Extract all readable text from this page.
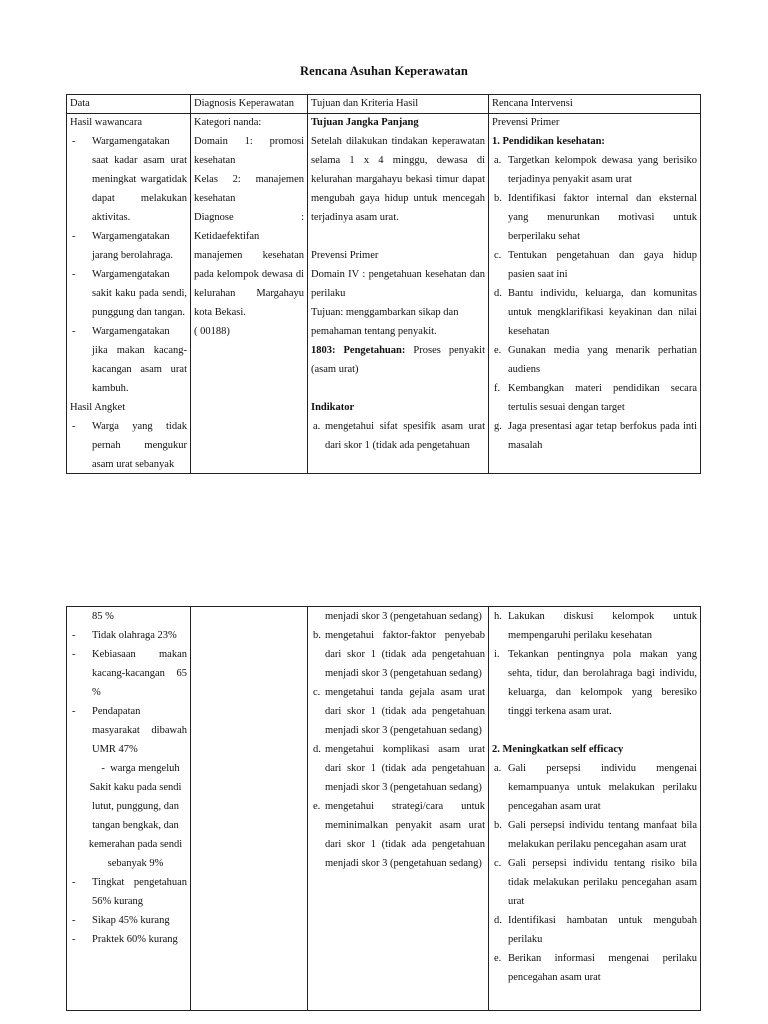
Rencana Asuhan Keperawatan
Data
Hasil wawancara
- Wargamengatakan saat kadar asam urat meningkat wargatidak dapat melakukan aktivitas.
- Wargamengatakan jarang berolahraga.
- Wargamengatakan sakit kaku pada sendi, punggung dan tangan.
- Wargamengatakan jika makan kacang-kacangan asam urat kambuh.
Hasil Angket
- Warga yang tidak pernah mengukur asam urat sebanyak
Diagnosis Keperawatan
Kategori nanda:
Domain 1: promosi kesehatan
Kelas 2: manajemen kesehatan
Diagnose :
Ketidaefektifan manajemen kesehatan pada kelompok dewasa di kelurahan Margahayu kota Bekasi.
( 00188)
Tujuan dan Kriteria Hasil
Tujuan Jangka Panjang
Setelah dilakukan tindakan keperawatan selama 1 x 4 minggu, dewasa di kelurahan margahayu bekasi timur dapat mengubah gaya hidup untuk mencegah terjadinya asam urat.
Prevensi Primer
Domain IV : pengetahuan kesehatan dan perilaku
Tujuan: menggambarkan sikap dan pemahaman tentang penyakit.
1803: Pengetahuan: Proses penyakit (asam urat)
Indikator
a. mengetahui sifat spesifik asam urat dari skor 1 (tidak ada pengetahuan
Rencana Intervensi
Prevensi Primer
1. Pendidikan kesehatan:
a. Targetkan kelompok dewasa yang berisiko terjadinya penyakit asam urat
b. Identifikasi faktor internal dan eksternal yang menurunkan motivasi untuk berperilaku sehat
c. Tentukan pengetahuan dan gaya hidup pasien saat ini
d. Bantu individu, keluarga, dan komunitas untuk mengklarifikasi keyakinan dan nilai kesehatan
e. Gunakan media yang menarik perhatian audiens
f. Kembangkan materi pendidikan secara tertulis sesuai dengan target
g. Jaga presentasi agar tetap berfokus pada inti masalah
85 %
- Tidak olahraga 23%
- Kebiasaan makan kacang-kacangan 65 %
- Pendapatan masyarakat dibawah UMR 47%
- warga mengeluh
Sakit kaku pada sendi lutut, punggung, dan tangan bengkak, dan kemerahan pada sendi sebanyak 9%
- Tingkat pengetahuan 56% kurang
- Sikap 45% kurang
- Praktek 60% kurang
menjadi skor 3 (pengetahuan sedang)
b. mengetahui faktor-faktor penyebab dari skor 1 (tidak ada pengetahuan menjadi skor 3 (pengetahuan sedang)
c. mengetahui tanda gejala asam urat dari skor 1 (tidak ada pengetahuan menjadi skor 3 (pengetahuan sedang)
d. mengetahui komplikasi asam urat dari skor 1 (tidak ada pengetahuan menjadi skor 3 (pengetahuan sedang)
e. mengetahui strategi/cara untuk meminimalkan penyakit asam urat dari skor 1 (tidak ada pengetahuan menjadi skor 3 (pengetahuan sedang)
h. Lakukan diskusi kelompok untuk mempengaruhi perilaku kesehatan
i. Tekankan pentingnya pola makan yang sehta, tidur, dan berolahraga bagi individu, keluarga, dan kelompok yang beresiko tinggi terkena asam urat.
2. Meningkatkan self efficacy
a. Gali persepsi individu mengenai kemampuanya untuk melakukan perilaku pencegahan asam urat
b. Gali persepsi individu tentang manfaat bila melakukan perilaku pencegahan asam urat
c. Gali persepsi individu tentang risiko bila tidak melakukan perilaku pencegahan asam urat
d. Identifikasi hambatan untuk mengubah perilaku
e. Berikan informasi mengenai perilaku pencegahan asam urat
